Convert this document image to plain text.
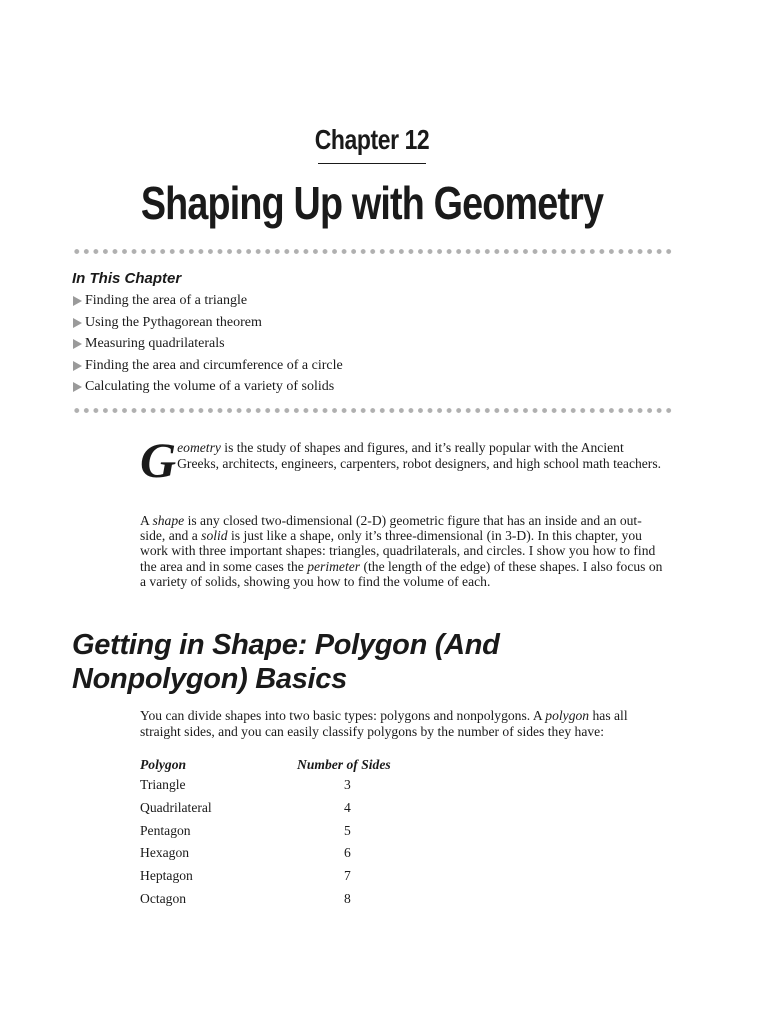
Chapter 12
Shaping Up with Geometry
In This Chapter
Finding the area of a triangle
Using the Pythagorean theorem
Measuring quadrilaterals
Finding the area and circumference of a circle
Calculating the volume of a variety of solids
Geometry is the study of shapes and figures, and it’s really popular with the Ancient Greeks, architects, engineers, carpenters, robot designers, and high school math teachers.
A shape is any closed two-dimensional (2-D) geometric figure that has an inside and an out-side, and a solid is just like a shape, only it’s three-dimensional (in 3-D). In this chapter, you work with three important shapes: triangles, quadrilaterals, and circles. I show you how to find the area and in some cases the perimeter (the length of the edge) of these shapes. I also focus on a variety of solids, showing you how to find the volume of each.
Getting in Shape: Polygon (And
Nonpolygon) Basics
You can divide shapes into two basic types: polygons and nonpolygons. A polygon has all straight sides, and you can easily classify polygons by the number of sides they have:
Polygon	Number of Sides
Triangle	3
Quadrilateral	4
Pentagon	5
Hexagon	6
Heptagon	7
Octagon	8
